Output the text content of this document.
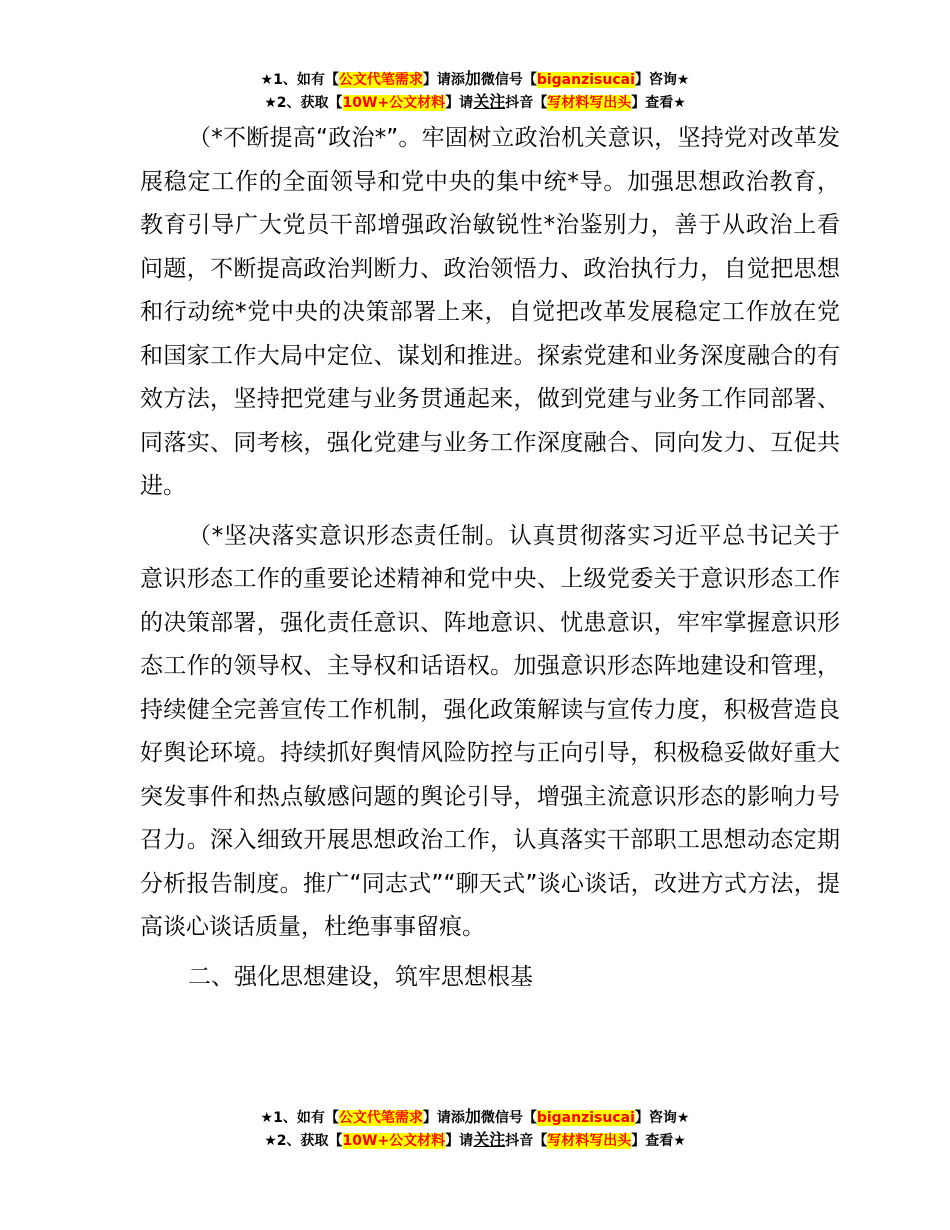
★1、如有【公文代笔需求】请添加微信号【biganzisucai】咨询★
★2、获取【10W+公文材料】请关注抖音【写材料写出头】查看★

（*不断提高“政治*”。牢固树立政治机关意识，坚持党对改革发展稳定工作的全面领导和党中央的集中统*导。加强思想政治教育，教育引导广大党员干部增强政治敏锐性*治鉴别力，善于从政治上看问题，不断提高政治判断力、政治领悟力、政治执行力，自觉把思想和行动统*党中央的决策部署上来，自觉把改革发展稳定工作放在党和国家工作大局中定位、谋划和推进。探索党建和业务深度融合的有效方法，坚持把党建与业务贯通起来，做到党建与业务工作同部署、同落实、同考核，强化党建与业务工作深度融合、同向发力、互促共进。

（*坚决落实意识形态责任制。认真贯彻落实习近平总书记关于意识形态工作的重要论述精神和党中央、上级党委关于意识形态工作的决策部署，强化责任意识、阵地意识、忧患意识，牢牢掌握意识形态工作的领导权、主导权和话语权。加强意识形态阵地建设和管理，持续健全完善宣传工作机制，强化政策解读与宣传力度，积极营造良好舆论环境。持续抓好舆情风险防控与正向引导，积极稳妥做好重大突发事件和热点敏感问题的舆论引导，增强主流意识形态的影响力号召力。深入细致开展思想政治工作，认真落实干部职工思想动态定期分析报告制度。推广“同志式”“聊天式”谈心谈话，改进方式方法，提高谈心谈话质量，杜绝事事留痕。

二、强化思想建设，筑牢思想根基

★1、如有【公文代笔需求】请添加微信号【biganzisucai】咨询★
★2、获取【10W+公文材料】请关注抖音【写材料写出头】查看★
